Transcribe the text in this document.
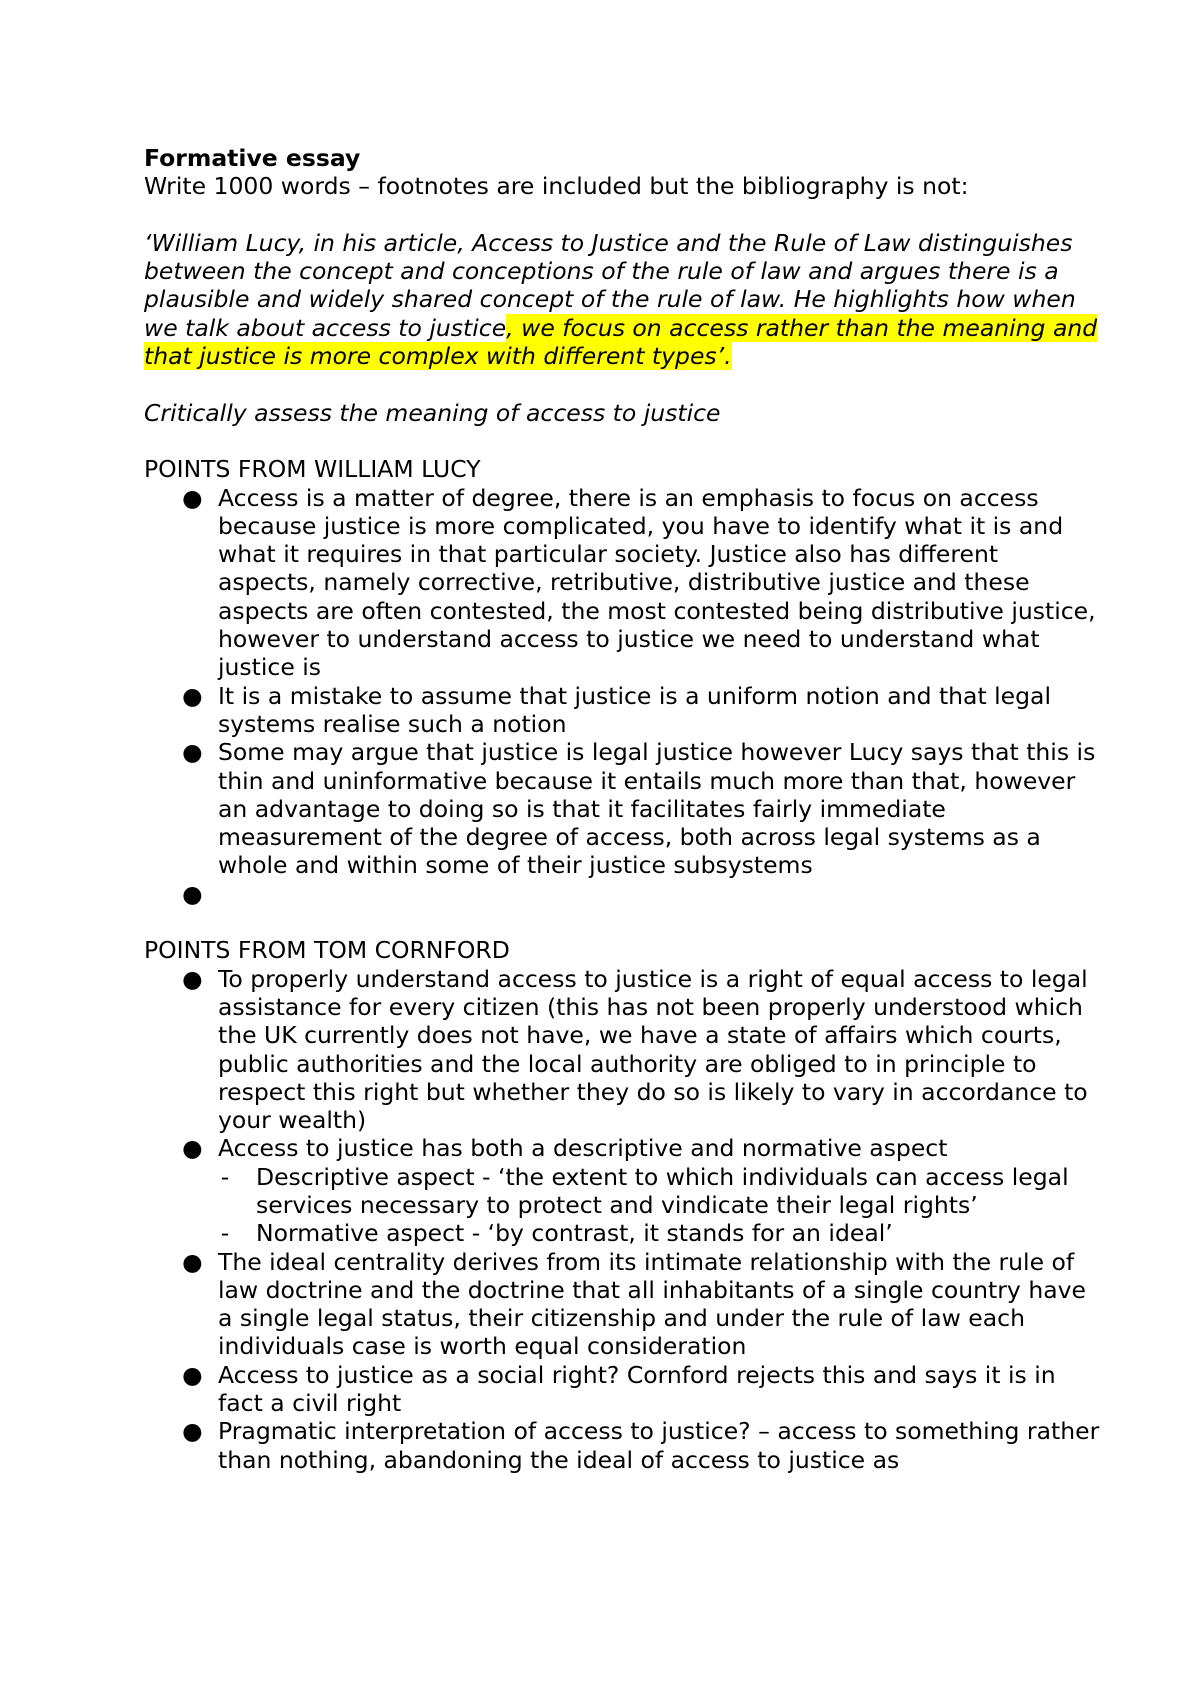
Formative essay
Write 1000 words – footnotes are included but the bibliography is not:
‘William Lucy, in his article, Access to Justice and the Rule of Law distinguishes between the concept and conceptions of the rule of law and argues there is a plausible and widely shared concept of the rule of law. He highlights how when we talk about access to justice, we focus on access rather than the meaning and that justice is more complex with different types’.
Critically assess the meaning of access to justice
POINTS FROM WILLIAM LUCY
● Access is a matter of degree, there is an emphasis to focus on access because justice is more complicated, you have to identify what it is and what it requires in that particular society. Justice also has different aspects, namely corrective, retributive, distributive justice and these aspects are often contested, the most contested being distributive justice, however to understand access to justice we need to understand what justice is
● It is a mistake to assume that justice is a uniform notion and that legal systems realise such a notion
● Some may argue that justice is legal justice however Lucy says that this is thin and uninformative because it entails much more than that, however an advantage to doing so is that it facilitates fairly immediate measurement of the degree of access, both across legal systems as a whole and within some of their justice subsystems
●
POINTS FROM TOM CORNFORD
● To properly understand access to justice is a right of equal access to legal assistance for every citizen (this has not been properly understood which the UK currently does not have, we have a state of affairs which courts, public authorities and the local authority are obliged to in principle to respect this right but whether they do so is likely to vary in accordance to your wealth)
● Access to justice has both a descriptive and normative aspect
- Descriptive aspect - ‘the extent to which individuals can access legal services necessary to protect and vindicate their legal rights’
- Normative aspect - ‘by contrast, it stands for an ideal’
● The ideal centrality derives from its intimate relationship with the rule of law doctrine and the doctrine that all inhabitants of a single country have a single legal status, their citizenship and under the rule of law each individuals case is worth equal consideration
● Access to justice as a social right? Cornford rejects this and says it is in fact a civil right
● Pragmatic interpretation of access to justice? – access to something rather than nothing, abandoning the ideal of access to justice as
